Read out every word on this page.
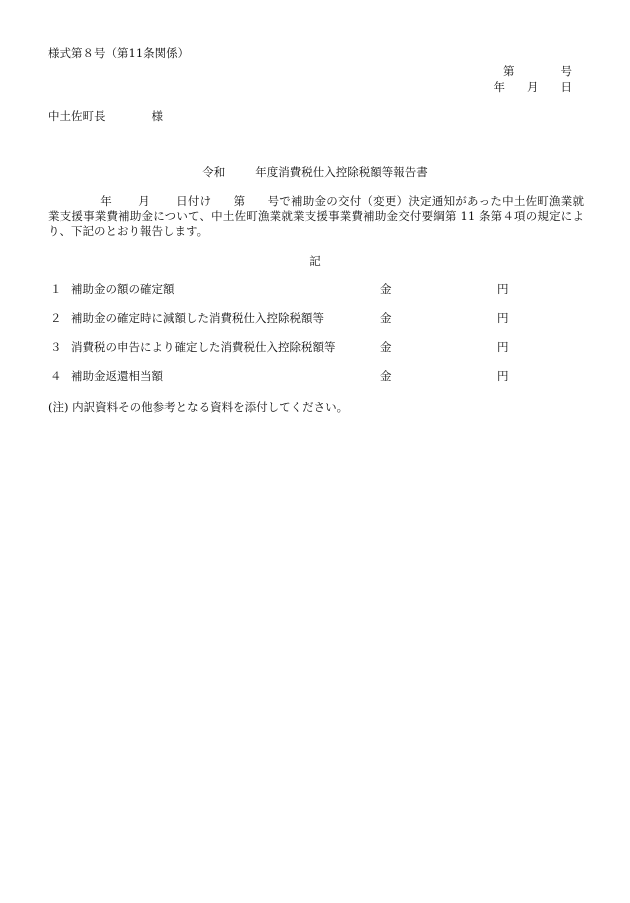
様式第８号（第11条関係）
第	号
年 月 日
中土佐町長	様
令和	年度消費税仕入控除税額等報告書
年 月 日付け 第 号で補助金の交付（変更）決定通知があった中土佐町漁業就業支援事業費補助金について、中土佐町漁業就業支援事業費補助金交付要綱第 11 条第４項の規定により、下記のとおり報告します。
記
１ 補助金の額の確定額	金	円
２ 補助金の確定時に減額した消費税仕入控除税額等	金	円
３ 消費税の申告により確定した消費税仕入控除税額等	金	円
４ 補助金返還相当額	金	円
(注) 内訳資料その他参考となる資料を添付してください。
